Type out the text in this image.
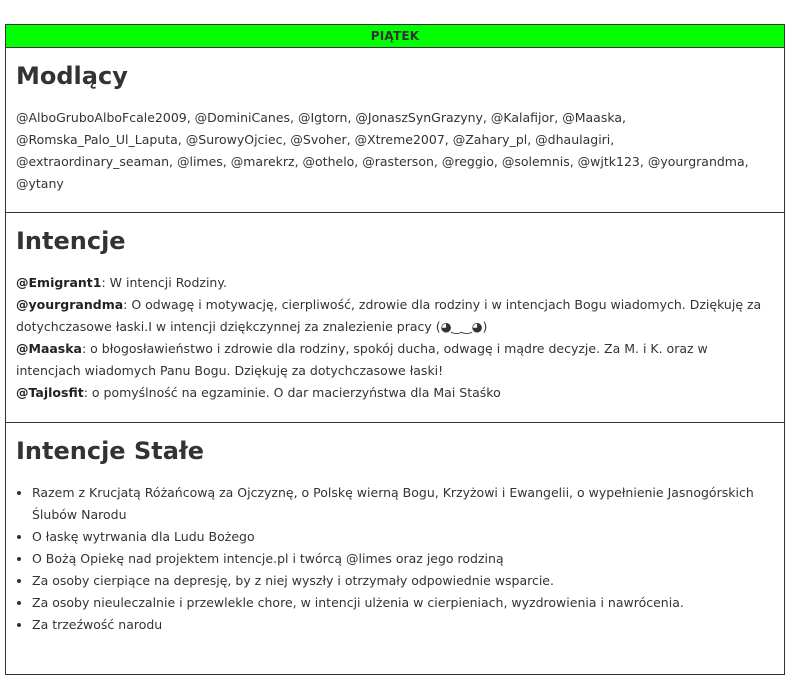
PIĄTEK
Modlący
@AlboGruboAlboFcale2009, @DominiCanes, @Igtorn, @JonaszSynGrazyny, @Kalafijor, @Maaska, @Romska_Palo_Ul_Laputa, @SurowyOjciec, @Svoher, @Xtreme2007, @Zahary_pl, @dhaulagiri, @extraordinary_seaman, @limes, @marekrz, @othelo, @rasterson, @reggio, @solemnis, @wjtk123, @yourgrandma, @ytany
Intencje
@Emigrant1: W intencji Rodziny.
@yourgrandma: O odwagę i motywację, cierpliwość, zdrowie dla rodziny i w intencjach Bogu wiadomych. Dziękuję za dotychczasowe łaski.I w intencji dziękczynnej za znalezienie pracy (◕‿‿◕)
@Maaska: o błogosławieństwo i zdrowie dla rodziny, spokój ducha, odwagę i mądre decyzje. Za M. i K. oraz w intencjach wiadomych Panu Bogu. Dziękuję za dotychczasowe łaski!
@Tajlosfit: o pomyślność na egzaminie. O dar macierzyństwa dla Mai Staśko
Intencje Stałe
• Razem z Krucjatą Różańcową za Ojczyznę, o Polskę wierną Bogu, Krzyżowi i Ewangelii, o wypełnienie Jasnogórskich Ślubów Narodu
• O łaskę wytrwania dla Ludu Bożego
• O Bożą Opiekę nad projektem intencje.pl i twórcą @limes oraz jego rodziną
• Za osoby cierpiące na depresję, by z niej wyszły i otrzymały odpowiednie wsparcie.
• Za osoby nieuleczalnie i przewlekle chore, w intencji ulżenia w cierpieniach, wyzdrowienia i nawrócenia.
• Za trzeźwość narodu
